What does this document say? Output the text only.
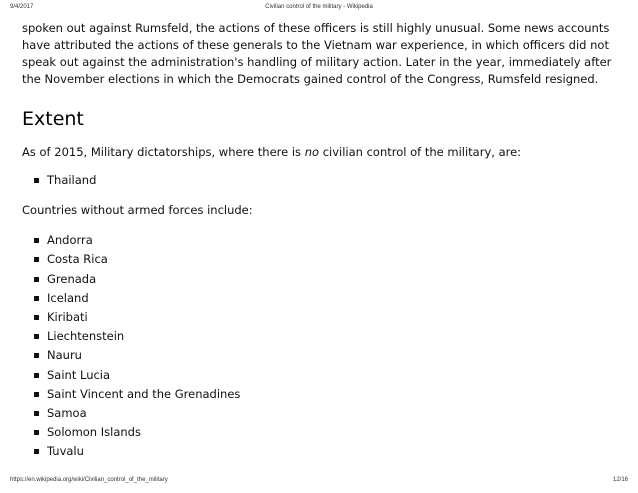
9/4/2017	Civilian control of the military - Wikipedia

spoken out against Rumsfeld, the actions of these officers is still highly unusual. Some news accounts have attributed the actions of these generals to the Vietnam war experience, in which officers did not speak out against the administration's handling of military action. Later in the year, immediately after the November elections in which the Democrats gained control of the Congress, Rumsfeld resigned.

Extent

As of 2015, Military dictatorships, where there is no civilian control of the military, are:

Thailand

Countries without armed forces include:

Andorra
Costa Rica
Grenada
Iceland
Kiribati
Liechtenstein
Nauru
Saint Lucia
Saint Vincent and the Grenadines
Samoa
Solomon Islands
Tuvalu
https://en.wikipedia.org/wiki/Civilian_control_of_the_military	12/16
